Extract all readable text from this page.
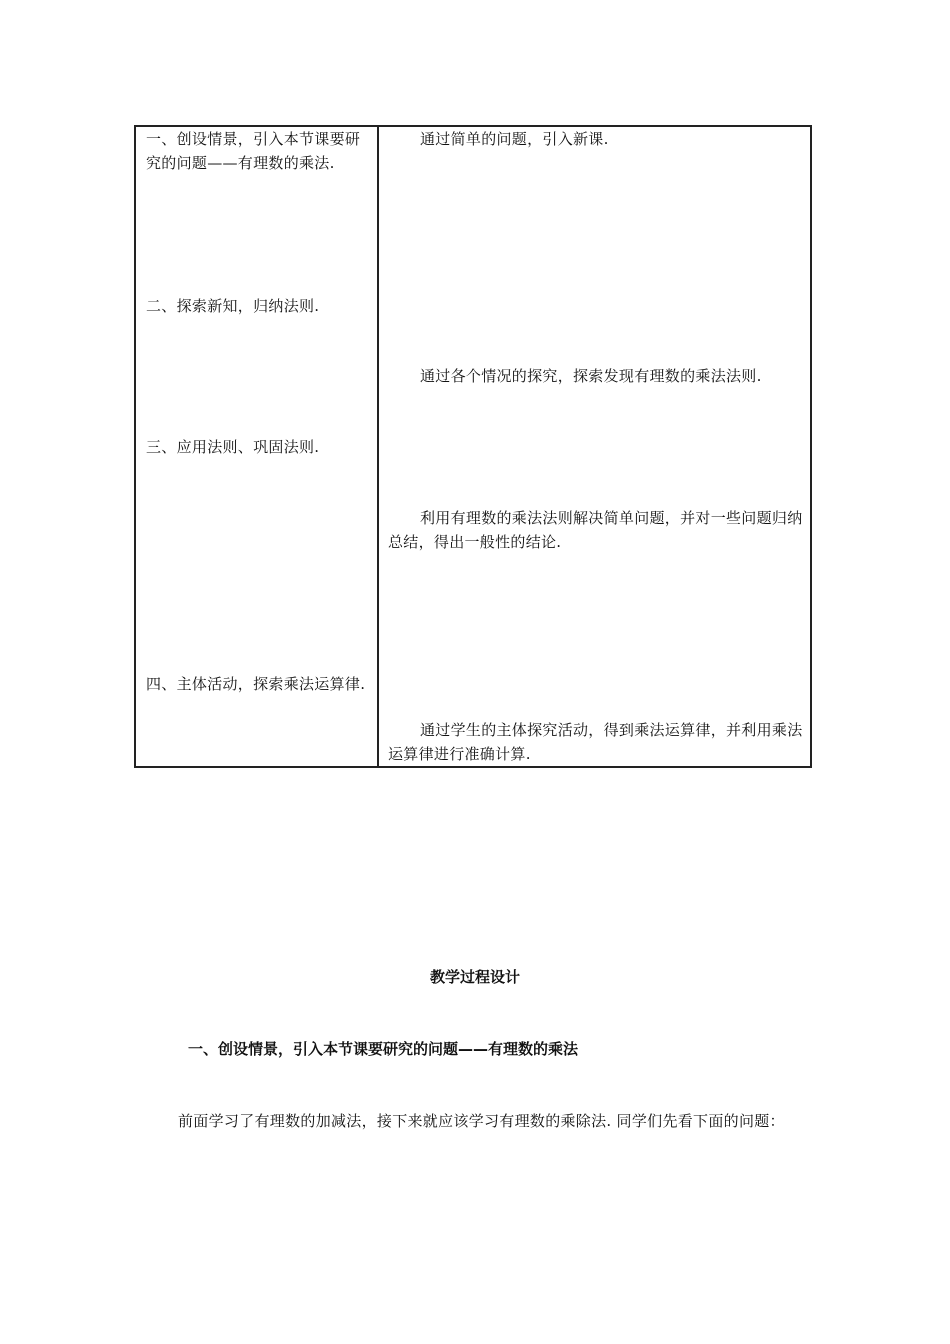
一、创设情景，引入本节课要研究的问题——有理数的乘法.
通过简单的问题，引入新课.
二、探索新知，归纳法则.
通过各个情况的探究，探索发现有理数的乘法法则.
三、应用法则、巩固法则.
利用有理数的乘法法则解决简单问题，并对一些问题归纳总结，得出一般性的结论.
四、主体活动，探索乘法运算律.
通过学生的主体探究活动，得到乘法运算律，并利用乘法运算律进行准确计算.
教学过程设计
一、创设情景，引入本节课要研究的问题——有理数的乘法
前面学习了有理数的加减法，接下来就应该学习有理数的乘除法. 同学们先看下面的问题：
